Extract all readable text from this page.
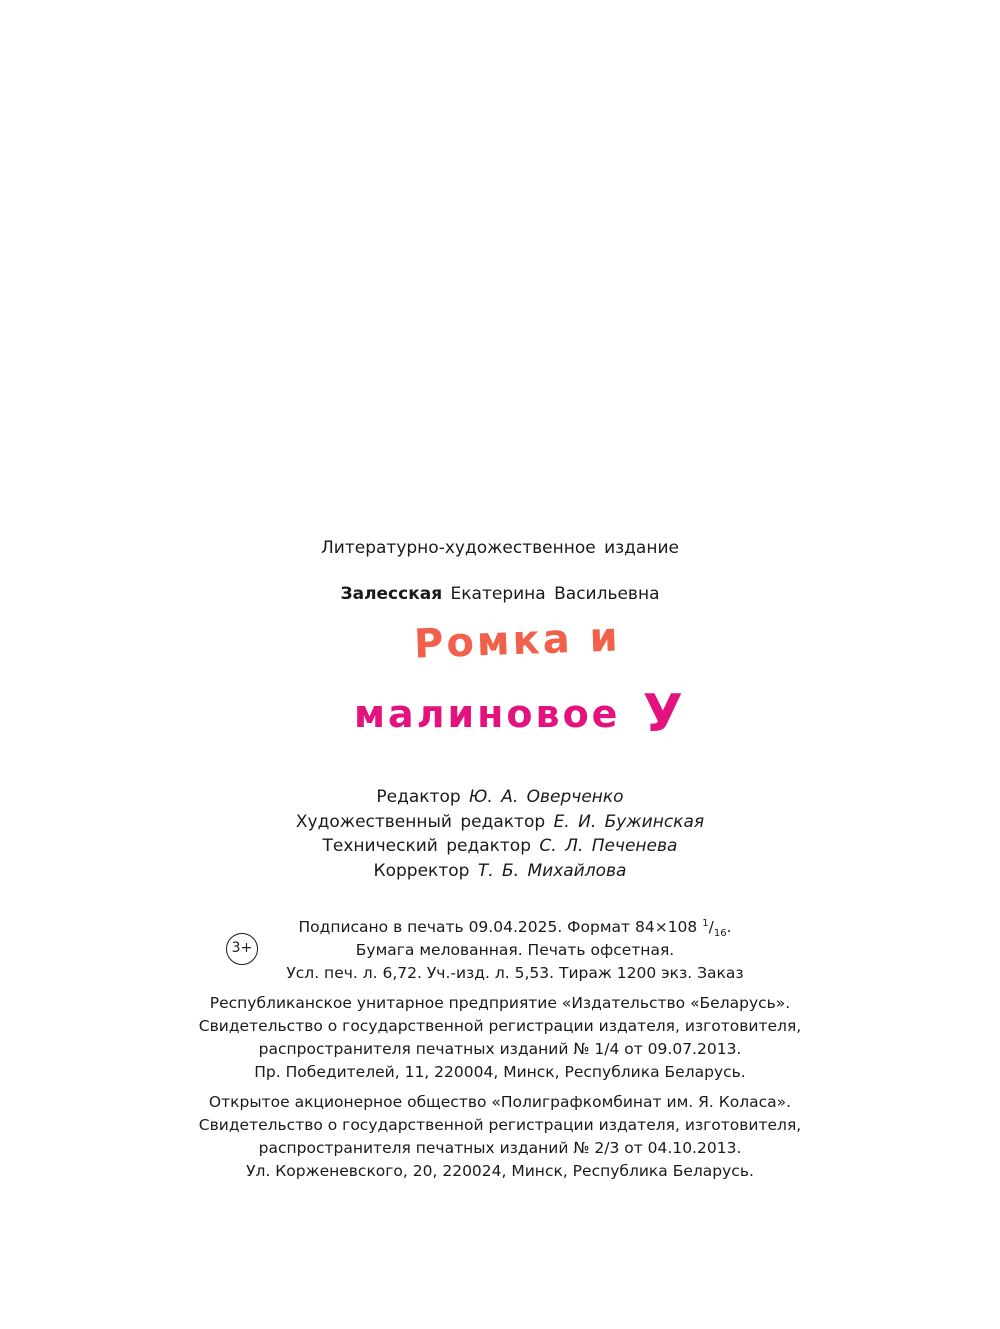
Литературно-художественное издание
Залесская Екатерина Васильевна
Ромка и
малиновое У
Редактор Ю. А. Оверченко
Художественный редактор Е. И. Бужинская
Технический редактор С. Л. Печенева
Корректор Т. Б. Михайлова
3+
Подписано в печать 09.04.2025. Формат 84×108 $^1/_{16}$.
Бумага мелованная. Печать офсетная.
Усл. печ. л. 6,72. Уч.-изд. л. 5,53. Тираж 1200 экз. Заказ
Республиканское унитарное предприятие «Издательство «Беларусь».
Свидетельство о государственной регистрации издателя, изготовителя,
распространителя печатных изданий № 1/4 от 09.07.2013.
Пр. Победителей, 11, 220004, Минск, Республика Беларусь.
Открытое акционерное общество «Полиграфкомбинат им. Я. Коласа».
Свидетельство о государственной регистрации издателя, изготовителя,
распространителя печатных изданий № 2/3 от 04.10.2013.
Ул. Корженевского, 20, 220024, Минск, Республика Беларусь.
